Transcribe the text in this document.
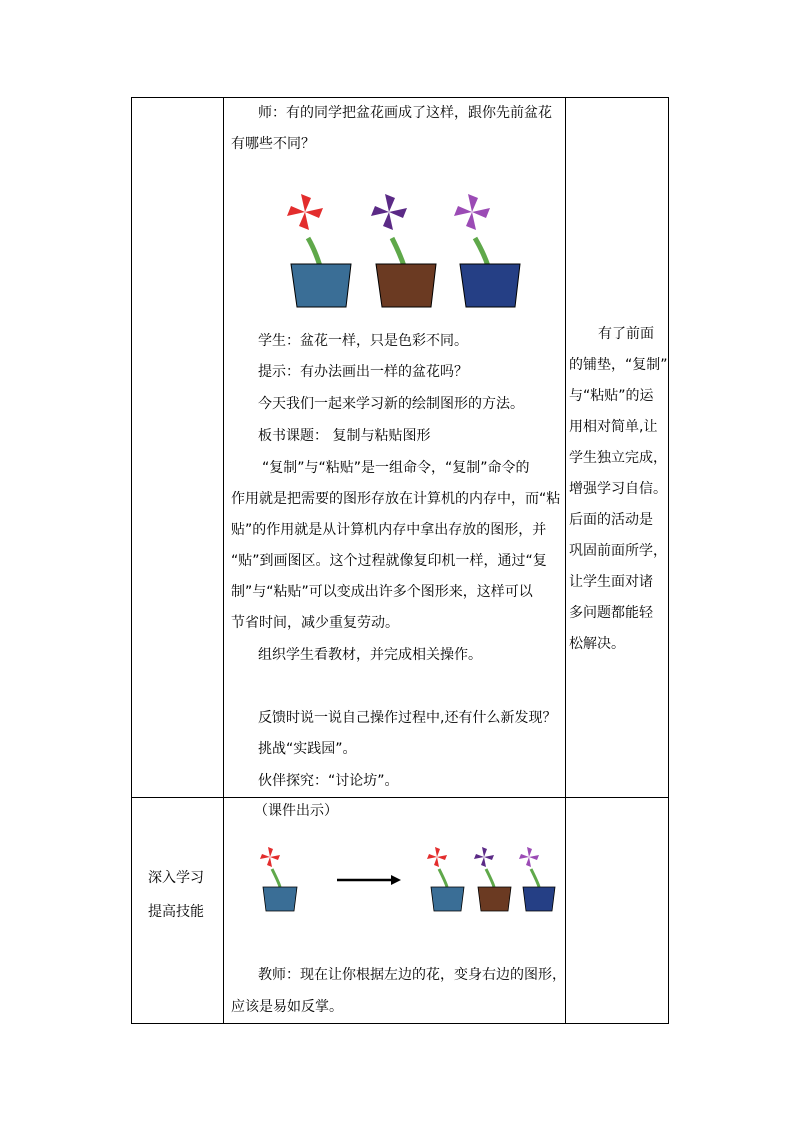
师：有的同学把盆花画成了这样，跟你先前盆花
有哪些不同？
学生：盆花一样，只是色彩不同。
提示：有办法画出一样的盆花吗？
今天我们一起来学习新的绘制图形的方法。
板书课题： 复制与粘贴图形
“复制”与“粘贴”是一组命令，“复制”命令的
作用就是把需要的图形存放在计算机的内存中，而“粘
贴”的作用就是从计算机内存中拿出存放的图形，并
“贴”到画图区。这个过程就像复印机一样，通过“复
制”与“粘贴”可以变成出许多个图形来，这样可以
节省时间，减少重复劳动。
组织学生看教材，并完成相关操作。
反馈时说一说自己操作过程中,还有什么新发现？
挑战“实践园”。
伙伴探究：“讨论坊”。
有了前面
的铺垫，“复制”
与“粘贴”的运
用相对简单,让
学生独立完成，
增强学习自信。
后面的活动是
巩固前面所学，
让学生面对诸
多问题都能轻
松解决。
深入学习
提高技能
（课件出示）
教师：现在让你根据左边的花，变身右边的图形，
应该是易如反掌。
